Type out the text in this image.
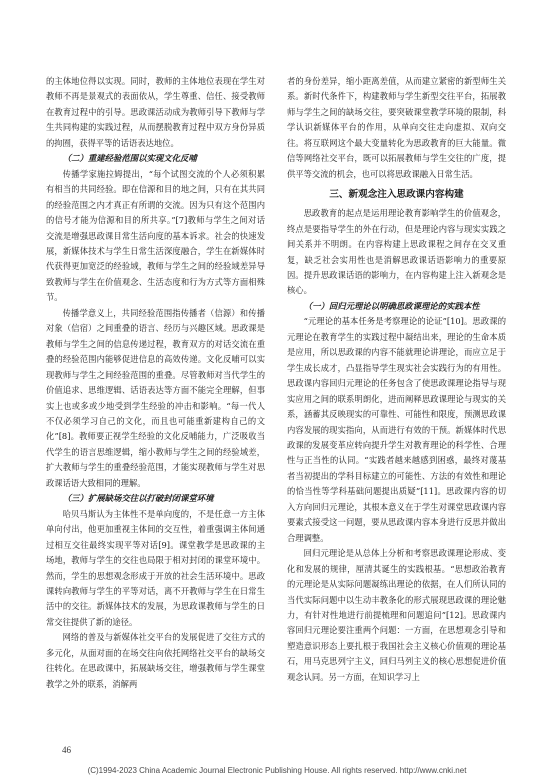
的主体地位得以实现。同时，教师的主体地位表现在学生对教师不再是景观式的表面依从，学生尊重、信任、接受教师在教育过程中的引导。思政课活动成为教师引导下教师与学生共同构建的实践过程，从而摆脱教育过程中双方身份异质的拘囿，获得平等的话语表达地位。

（二）重建经验范围以实现文化反哺

传播学家施拉姆提出，“每个试图交流的个人必须积累有相当的共同经验。即在信源和目的地之间，只有在其共同的经验范围之内才真正有所谓的交流。因为只有这个范围内的信号才能为信源和目的所共享。”[7]教师与学生之间对话交流是增强思政课目常生活向度的基本诉求。社会的快速发展，新媒体技术与学生日常生活深度融合，学生在新媒体时代获得更加宽泛的经验域，教师与学生之间的经验域差异导致教师与学生在价值观念、生活态度和行为方式等方面相殊节。

传播学意义上，共同经验范围指传播者（信源）和传播对象（信宿）之间重叠的语言、经历与兴趣区域。思政课是教师与学生之间的信息传递过程，教育双方的对话交流在重叠的经验范围内能够促进信息的高效传递。文化反哺可以实现教师与学生之间经验范围的重叠。尽管教师对当代学生的价值追求、思维逻辑、话语表达等方面不能完全理解，但事实上也或多或少地受到学生经验的冲击和影响。“每一代人不仅必须学习自己的文化，而且也可能重新建构自己的文化”[8]。教师要正视学生经验的文化反哺能力，广泛吸收当代学生的语言思维逻辑，缩小教师与学生之间的经验域差，扩大教师与学生的重叠经验范围，才能实现教师与学生对思政课话语大致相同的理解。

（三）扩展缺场交往以打破封闭课堂环境

哈贝马斯认为主体性不是单向度的，不是任意一方主体单向付出，他更加重视主体间的交互性，着重强调主体间通过相互交往最终实现平等对话[9]。课堂教学是思政课的主场地，教师与学生的交往也局限于相对封闭的课堂环境中。然而，学生的思想观念形成于开放的社会生活环境中。思政课转向教师与学生的平等对话，离不开教师与学生在日常生活中的交往。新媒体技术的发展，为思政课教师与学生的日常交往提供了新的途径。

网络的普及与新媒体社交平台的发展促进了交往方式的多元化，从面对面的在场交往向依托网络社交平台的缺场交往转化。在思政课中，拓展缺场交往，增强教师与学生课堂教学之外的联系，消解两

者的身份差异，缩小距离差值，从而建立紧密的新型师生关系。新时代条件下，构建教师与学生新型交往平台，拓展教师与学生之间的缺场交往，要突破课堂教学环境的限制，科学认识新媒体平台的作用，从单向交往走向虚拟、双向交往。将互联网这个最大变量转化为思政教育的巨大能量。微信等网络社交平台，既可以拓展教师与学生交往的广度，提供平等交流的机会，也可以将思政课融入日常生活。

三、新观念注入思政课内容构建

思政教育的起点是运用理论教育影响学生的价值观念，终点是要指导学生的外在行动，但是理论内容与现实实践之间关系并不明朗。在内容构建上思政课程之间存在交叉重复，缺乏社会实用性也是消解思政课话语影响力的重要原因。提升思政课话语的影响力，在内容构建上注入新观念是核心。

（一）回归元理论以明确思政课理论的实践本性

“元理论的基本任务是考察理论的论证”[10]。思政课的元理论在教育学生的实践过程中凝结出来，理论的生命本质是应用，所以思政课的内容不能就理论讲理论，而应立足于学生成长成才，凸显指导学生现实社会实践行为的有用性。思政课内容回归元理论的任务包含了使思政课理论指导与现实应用之间的联系明朗化，进而阐释思政课理论与现实的关系，涵蓄其反映现实的可靠性、可能性和限度，预测思政课内容发展的现实指向，从而进行有效的干预。新媒体时代思政课的发展变革应转向提升学生对教育理论的科学性、合理性与正当性的认同。“实践者越来越感到困惑，最终对蔑基者当初提出的学科目标建立的可能性、方法的有效性和理论的恰当性等学科基础问题提出质疑”[11]。思政课内容的切入方向回归元理论，其根本意义在于学生对课堂思政课内容要素式接受这一问题，要从思政课内容本身进行反思并做出合理调整。

回归元理论是从总体上分析和考察思政课理论形成、变化和发展的规律，厘清其诞生的实践根基。“思想政治教育的元理论是从实际问题凝练出理论的依据，在人们所认同的当代实际问题中以生动丰教条化的形式展现思政课的理论魅力，有针对性地进行前提梳理和问题追问”[12]。思政课内容回归元理论要注重两个问题：一方面，在思想观念引导和塑造意识形态上要扎根于我国社会主义核心价值观的理论基石，用马克思列宁主义，回归马列主义的核心思想促进价值观念认同。另一方面，在知识学习上

46
(C)1994-2023 China Academic Journal Electronic Publishing House. All rights reserved. http://www.cnki.net
